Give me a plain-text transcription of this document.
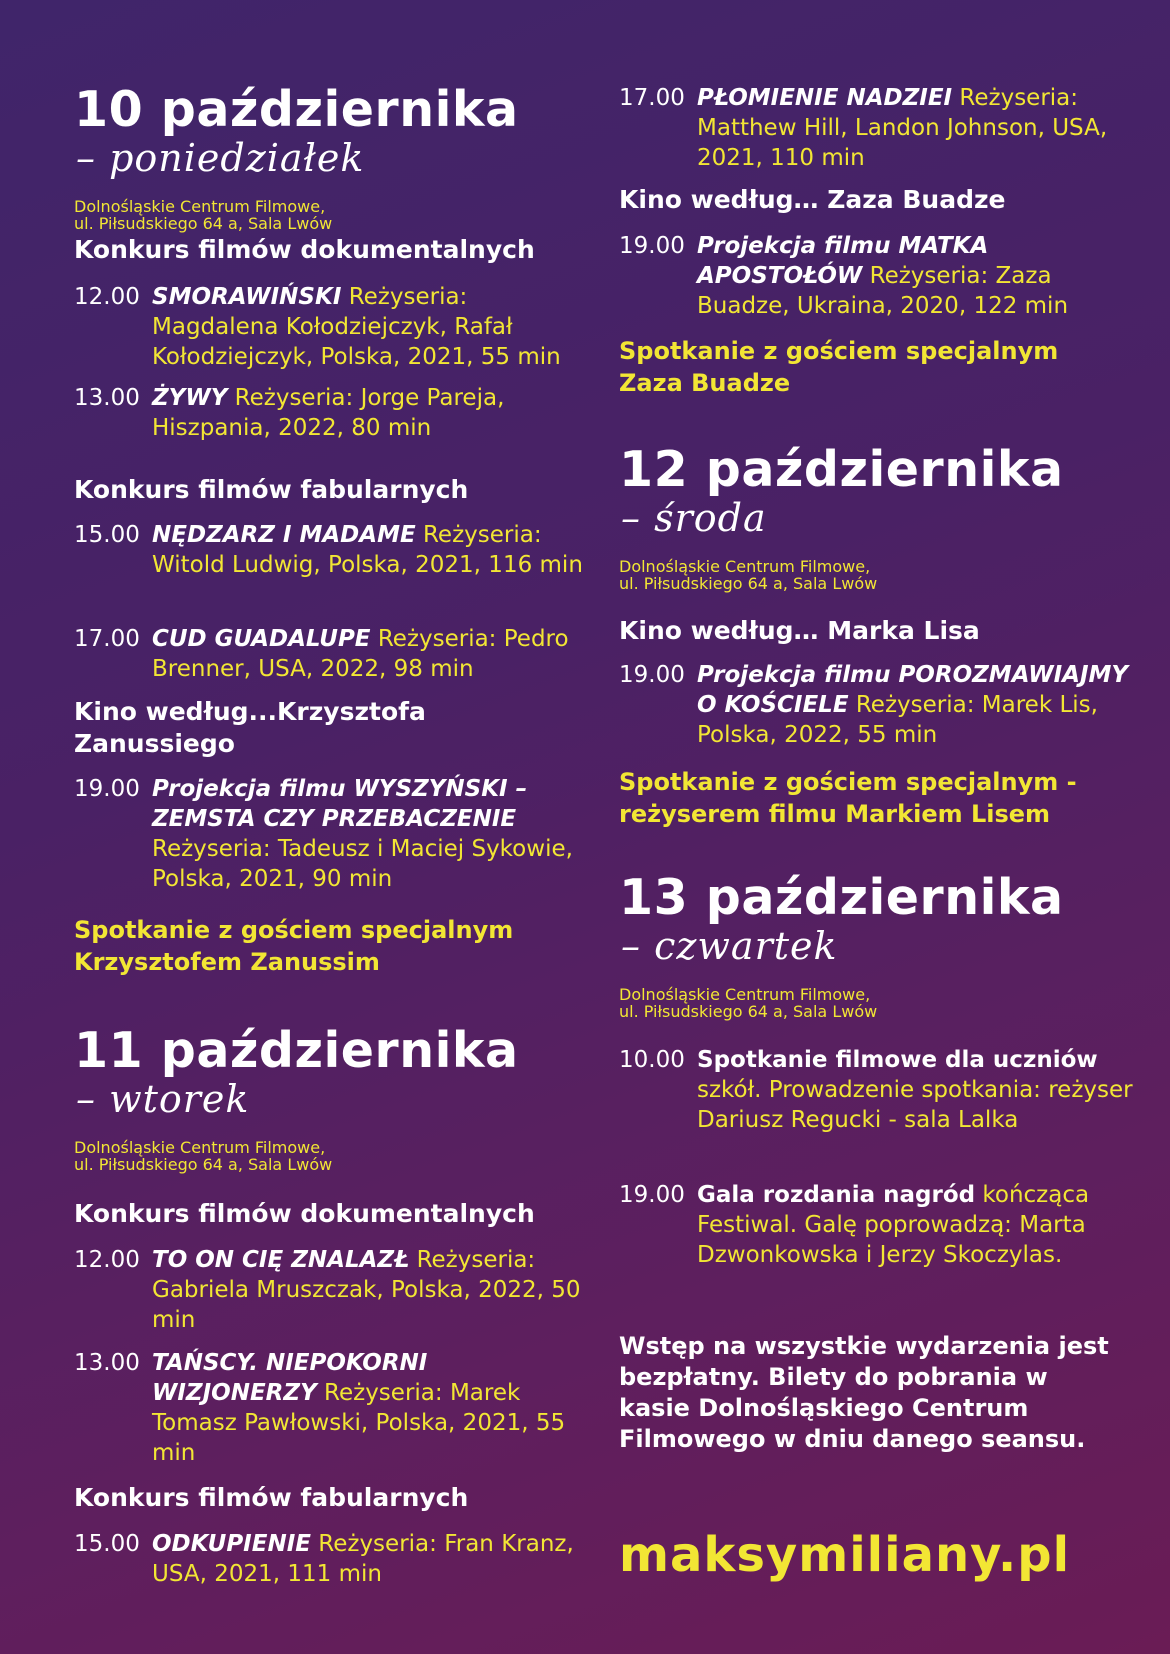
10 października
– poniedziałek
Dolnośląskie Centrum Filmowe,
ul. Piłsudskiego 64 a, Sala Lwów
Konkurs filmów dokumentalnych
12.00 SMORAWIŃSKI Reżyseria: Magdalena Kołodziejczyk, Rafał Kołodziejczyk, Polska, 2021, 55 min
13.00 ŻYWY Reżyseria: Jorge Pareja, Hiszpania, 2022, 80 min
Konkurs filmów fabularnych
15.00 NĘDZARZ I MADAME Reżyseria: Witold Ludwig, Polska, 2021, 116 min
17.00 CUD GUADALUPE Reżyseria: Pedro Brenner, USA, 2022, 98 min
Kino według...Krzysztofa Zanussiego
19.00 Projekcja filmu WYSZYŃSKI – ZEMSTA CZY PRZEBACZENIE Reżyseria: Tadeusz i Maciej Sykowie, Polska, 2021, 90 min
Spotkanie z gościem specjalnym Krzysztofem Zanussim
11 października
– wtorek
Dolnośląskie Centrum Filmowe,
ul. Piłsudskiego 64 a, Sala Lwów
Konkurs filmów dokumentalnych
12.00 TO ON CIĘ ZNALAZŁ Reżyseria: Gabriela Mruszczak, Polska, 2022, 50 min
13.00 TAŃSCY. NIEPOKORNI WIZJONERZY Reżyseria: Marek Tomasz Pawłowski, Polska, 2021, 55 min
Konkurs filmów fabularnych
15.00 ODKUPIENIE Reżyseria: Fran Kranz, USA, 2021, 111 min
17.00 PŁOMIENIE NADZIEI Reżyseria: Matthew Hill, Landon Johnson, USA, 2021, 110 min
Kino według… Zaza Buadze
19.00 Projekcja filmu MATKA APOSTOŁÓW Reżyseria: Zaza Buadze, Ukraina, 2020, 122 min
Spotkanie z gościem specjalnym Zaza Buadze
12 października
– środa
Dolnośląskie Centrum Filmowe,
ul. Piłsudskiego 64 a, Sala Lwów
Kino według… Marka Lisa
19.00 Projekcja filmu POROZMAWIAJMY O KOŚCIELE Reżyseria: Marek Lis, Polska, 2022, 55 min
Spotkanie z gościem specjalnym - reżyserem filmu Markiem Lisem
13 października
– czwartek
Dolnośląskie Centrum Filmowe,
ul. Piłsudskiego 64 a, Sala Lwów
10.00 Spotkanie filmowe dla uczniów szkół. Prowadzenie spotkania: reżyser Dariusz Regucki - sala Lalka
19.00 Gala rozdania nagród kończąca Festiwal. Galę poprowadzą: Marta Dzwonkowska i Jerzy Skoczylas.
Wstęp na wszystkie wydarzenia jest bezpłatny. Bilety do pobrania w kasie Dolnośląskiego Centrum Filmowego w dniu danego seansu.
maksymiliany.pl
